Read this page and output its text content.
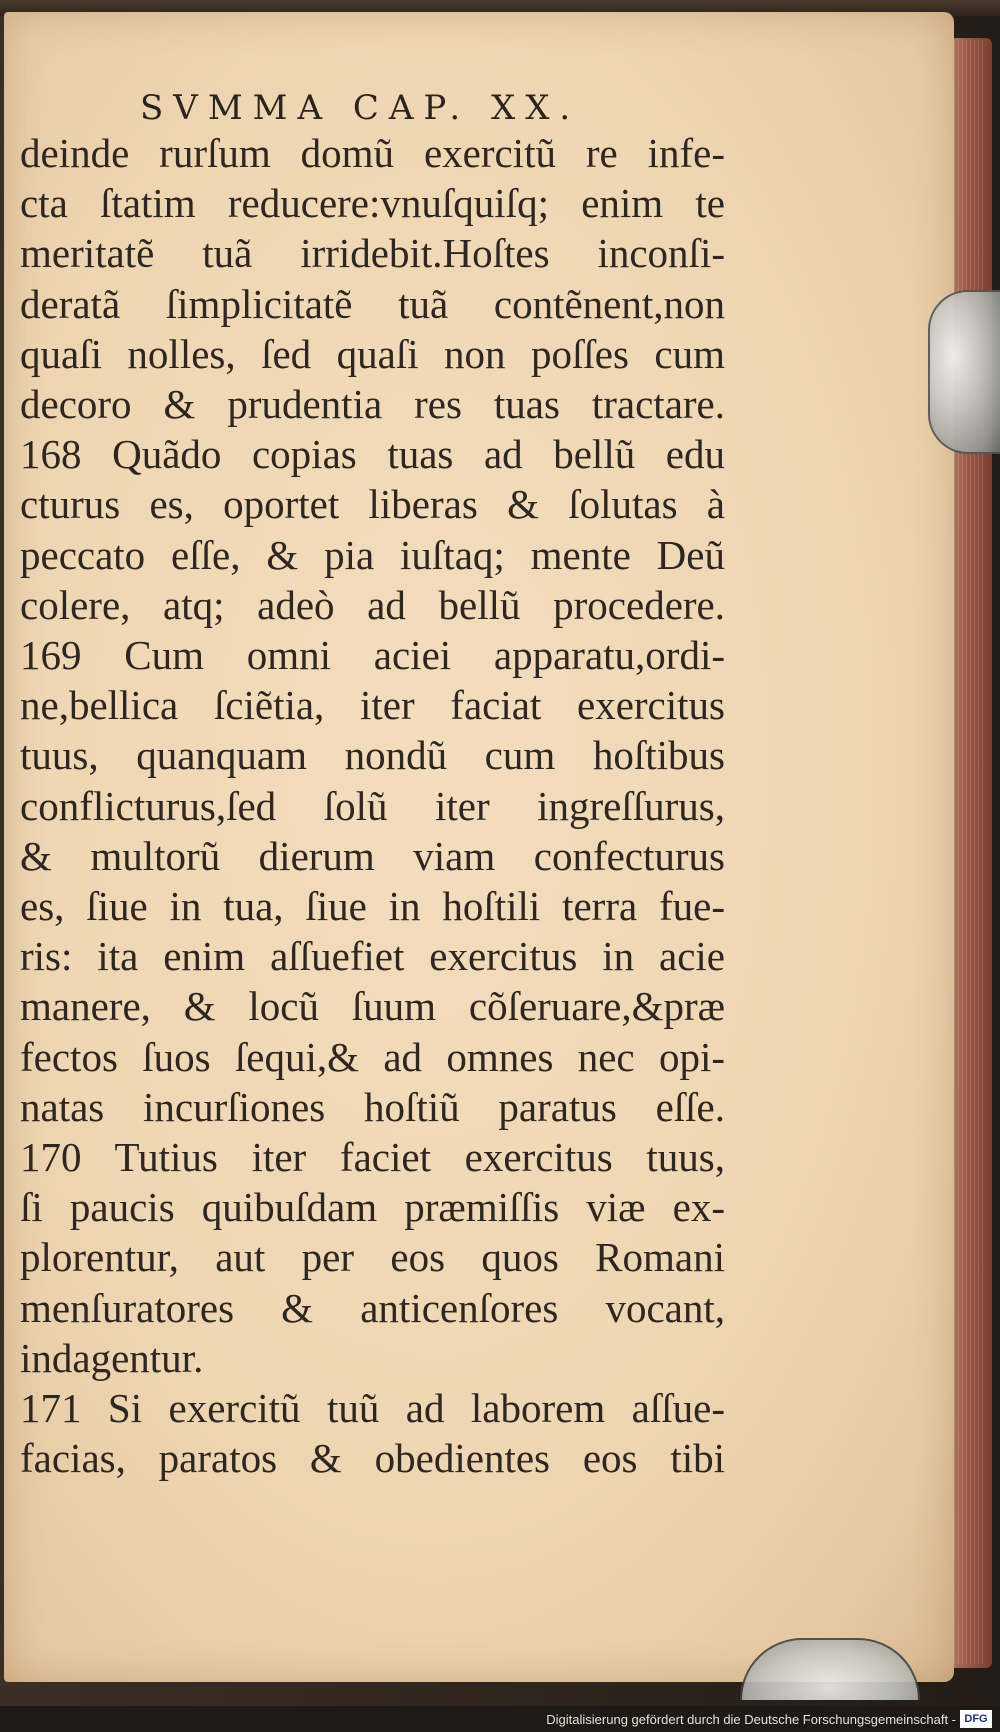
SVMMA CAP. XX.
deinde rurſum domũ exercitũ re infe-
cta ſtatim reducere:vnuſquiſq; enim te
meritatẽ tuã irridebit.Hoſtes inconſi-
deratã ſimplicitatẽ tuã contẽnent,non
quaſi nolles, ſed quaſi non poſſes cum
decoro & prudentia res tuas tractare.
168 Quãdo copias tuas ad bellũ edu
cturus es, oportet liberas & ſolutas à
peccato eſſe, & pia iuſtaq; mente Deũ
colere, atq; adeò ad bellũ procedere.
169 Cum omni aciei apparatu,ordi-
ne,bellica ſciẽtia, iter faciat exercitus
tuus, quanquam nondũ cum hoſtibus
conflicturus,ſed ſolũ iter ingreſſurus,
& multorũ dierum viam confecturus
es, ſiue in tua, ſiue in hoſtili terra fue-
ris: ita enim aſſuefiet exercitus in acie
manere, & locũ ſuum cõſeruare,&præ
fectos ſuos ſequi,& ad omnes nec opi-
natas incurſiones hoſtiũ paratus eſſe.
170 Tutius iter faciet exercitus tuus,
ſi paucis quibuſdam præmiſſis viæ ex-
plorentur, aut per eos quos Romani
menſuratores & anticenſores vocant,
indagentur.
171 Si exercitũ tuũ ad laborem aſſue-
facias, paratos & obedientes eos tibi
Digitalisierung gefördert durch die Deutsche Forschungsgemeinschaft - DFG
